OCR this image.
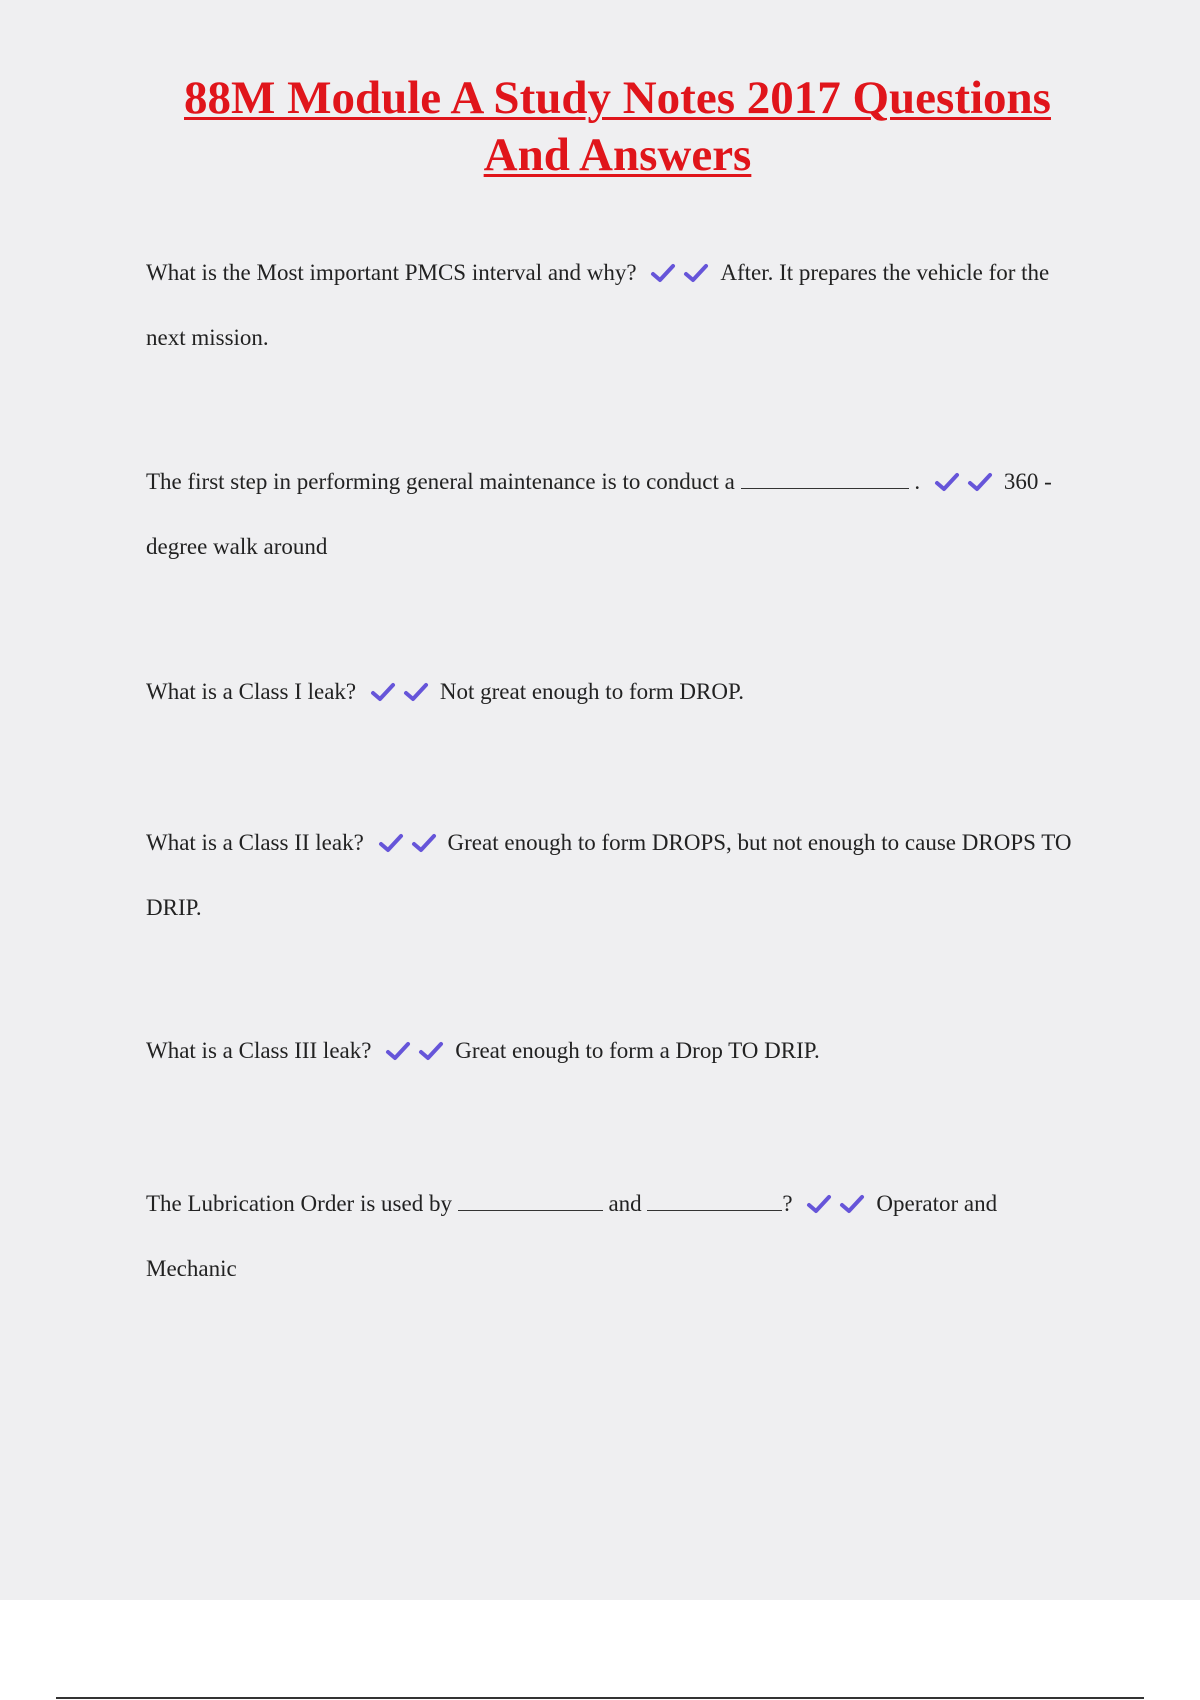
88M Module A Study Notes 2017 Questions
And Answers

What is the Most important PMCS interval and why?	After. It prepares the vehicle for the next mission.

The first step in performing general maintenance is to conduct a	.	360 - degree walk around

What is a Class I leak?	Not great enough to form DROP.

What is a Class II leak?	Great enough to form DROPS, but not enough to cause DROPS TO DRIP.

What is a Class III leak?	Great enough to form a Drop TO DRIP.

The Lubrication Order is used by	and	?	Operator and Mechanic
